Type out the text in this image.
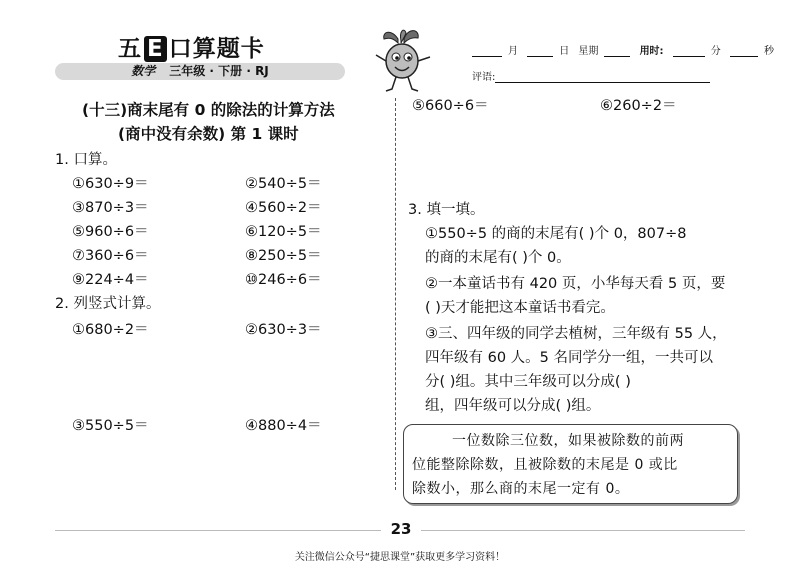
五 E 口算题卡
数学 三年级 · 下册 · RJ
月	日 星期	用时:	分	秒
评语:
(十三)商末尾有 0 的除法的计算方法
(商中没有余数) 第 1 课时
1. 口算。
①630÷9＝	②540÷5＝
③870÷3＝	④560÷2＝
⑤960÷6＝	⑥120÷5＝
⑦360÷6＝	⑧250÷5＝
⑨224÷4＝	⑩246÷6＝
2. 列竖式计算。
①680÷2＝	②630÷3＝
③550÷5＝	④880÷4＝
⑤660÷6＝	⑥260÷2＝
3. 填一填。
①550÷5 的商的末尾有( )个 0，807÷8
的商的末尾有( )个 0。
②一本童话书有 420 页，小华每天看 5 页，要
( )天才能把这本童话书看完。
③三、四年级的同学去植树，三年级有 55 人，
四年级有 60 人。5 名同学分一组，一共可以
分( )组。其中三年级可以分成( )
组，四年级可以分成( )组。
一位数除三位数，如果被除数的前两
位能整除除数，且被除数的末尾是 0 或比
除数小，那么商的末尾一定有 0。
23
关注微信公众号“捷思课堂”获取更多学习资料！
